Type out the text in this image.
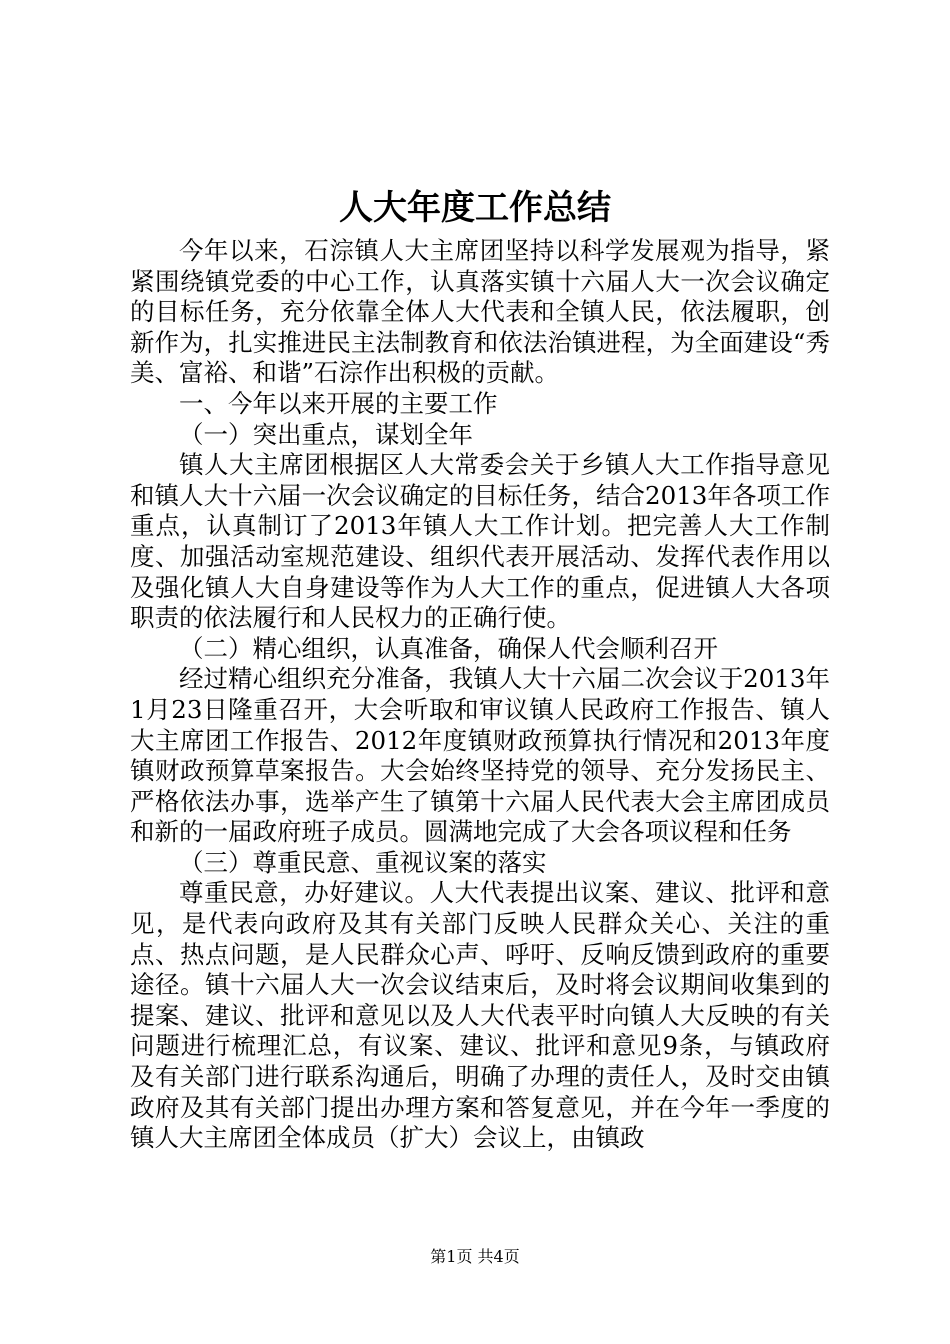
人大年度工作总结

今年以来，石淙镇人大主席团坚持以科学发展观为指导，紧紧围绕镇党委的中心工作，认真落实镇十六届人大一次会议确定的目标任务，充分依靠全体人大代表和全镇人民，依法履职，创新作为，扎实推进民主法制教育和依法治镇进程，为全面建设“秀美、富裕、和谐”石淙作出积极的贡献。

一、今年以来开展的主要工作

（一）突出重点，谋划全年

镇人大主席团根据区人大常委会关于乡镇人大工作指导意见和镇人大十六届一次会议确定的目标任务，结合2013年各项工作重点，认真制订了2013年镇人大工作计划。把完善人大工作制度、加强活动室规范建设、组织代表开展活动、发挥代表作用以及强化镇人大自身建设等作为人大工作的重点，促进镇人大各项职责的依法履行和人民权力的正确行使。

（二）精心组织，认真准备，确保人代会顺利召开

经过精心组织充分准备，我镇人大十六届二次会议于2013年1月23日隆重召开，大会听取和审议镇人民政府工作报告、镇人大主席团工作报告、2012年度镇财政预算执行情况和2013年度镇财政预算草案报告。大会始终坚持党的领导、充分发扬民主、严格依法办事，选举产生了镇第十六届人民代表大会主席团成员和新的一届政府班子成员。圆满地完成了大会各项议程和任务

（三）尊重民意、重视议案的落实

尊重民意，办好建议。人大代表提出议案、建议、批评和意见，是代表向政府及其有关部门反映人民群众关心、关注的重点、热点问题，是人民群众心声、呼吁、反响反馈到政府的重要途径。镇十六届人大一次会议结束后，及时将会议期间收集到的提案、建议、批评和意见以及人大代表平时向镇人大反映的有关问题进行梳理汇总，有议案、建议、批评和意见9条，与镇政府及有关部门进行联系沟通后，明确了办理的责任人，及时交由镇政府及其有关部门提出办理方案和答复意见，并在今年一季度的镇人大主席团全体成员（扩大）会议上，由镇政

第1页 共4页
